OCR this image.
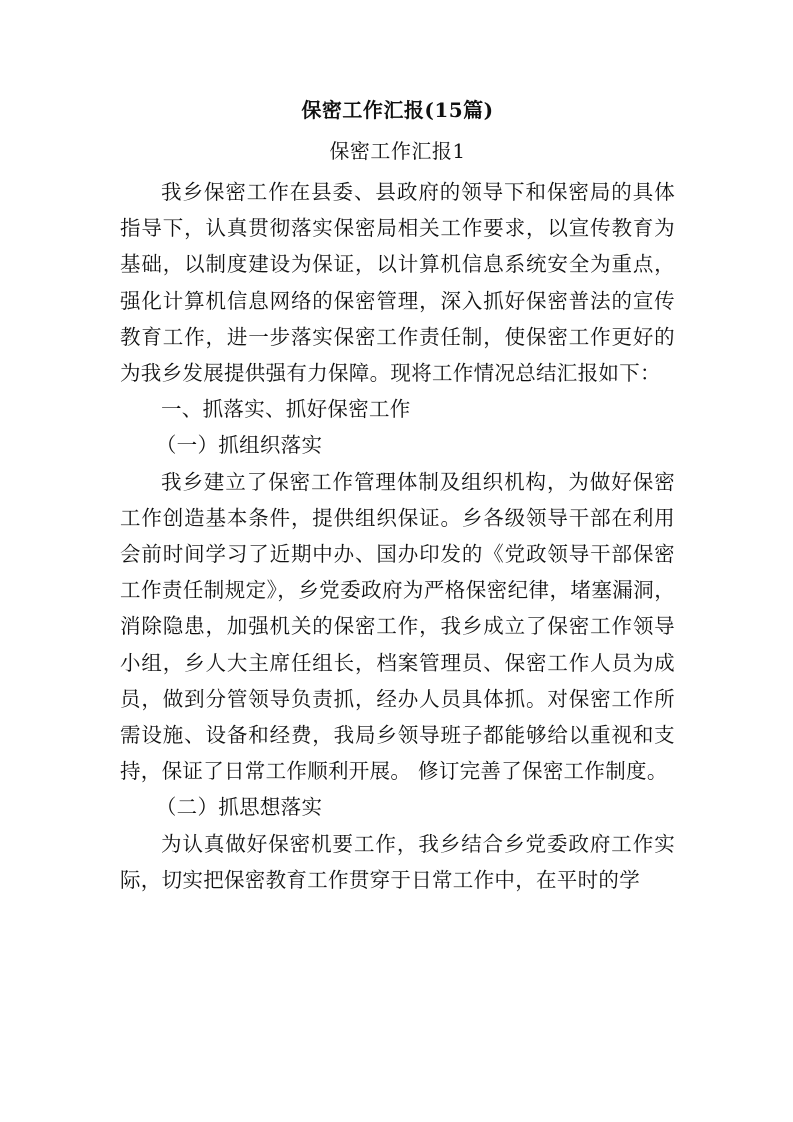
保密工作汇报(15篇)
保密工作汇报1

我乡保密工作在县委、县政府的领导下和保密局的具体指导下，认真贯彻落实保密局相关工作要求，以宣传教育为基础，以制度建设为保证，以计算机信息系统安全为重点，强化计算机信息网络的保密管理，深入抓好保密普法的宣传教育工作，进一步落实保密工作责任制，使保密工作更好的为我乡发展提供强有力保障。现将工作情况总结汇报如下：

一、抓落实、抓好保密工作

（一）抓组织落实

我乡建立了保密工作管理体制及组织机构，为做好保密工作创造基本条件，提供组织保证。乡各级领导干部在利用会前时间学习了近期中办、国办印发的《党政领导干部保密工作责任制规定》，乡党委政府为严格保密纪律，堵塞漏洞，消除隐患，加强机关的保密工作，我乡成立了保密工作领导小组，乡人大主席任组长，档案管理员、保密工作人员为成员，做到分管领导负责抓，经办人员具体抓。对保密工作所需设施、设备和经费，我局乡领导班子都能够给以重视和支持，保证了日常工作顺利开展。 修订完善了保密工作制度。

（二）抓思想落实

为认真做好保密机要工作，我乡结合乡党委政府工作实际，切实把保密教育工作贯穿于日常工作中，在平时的学
